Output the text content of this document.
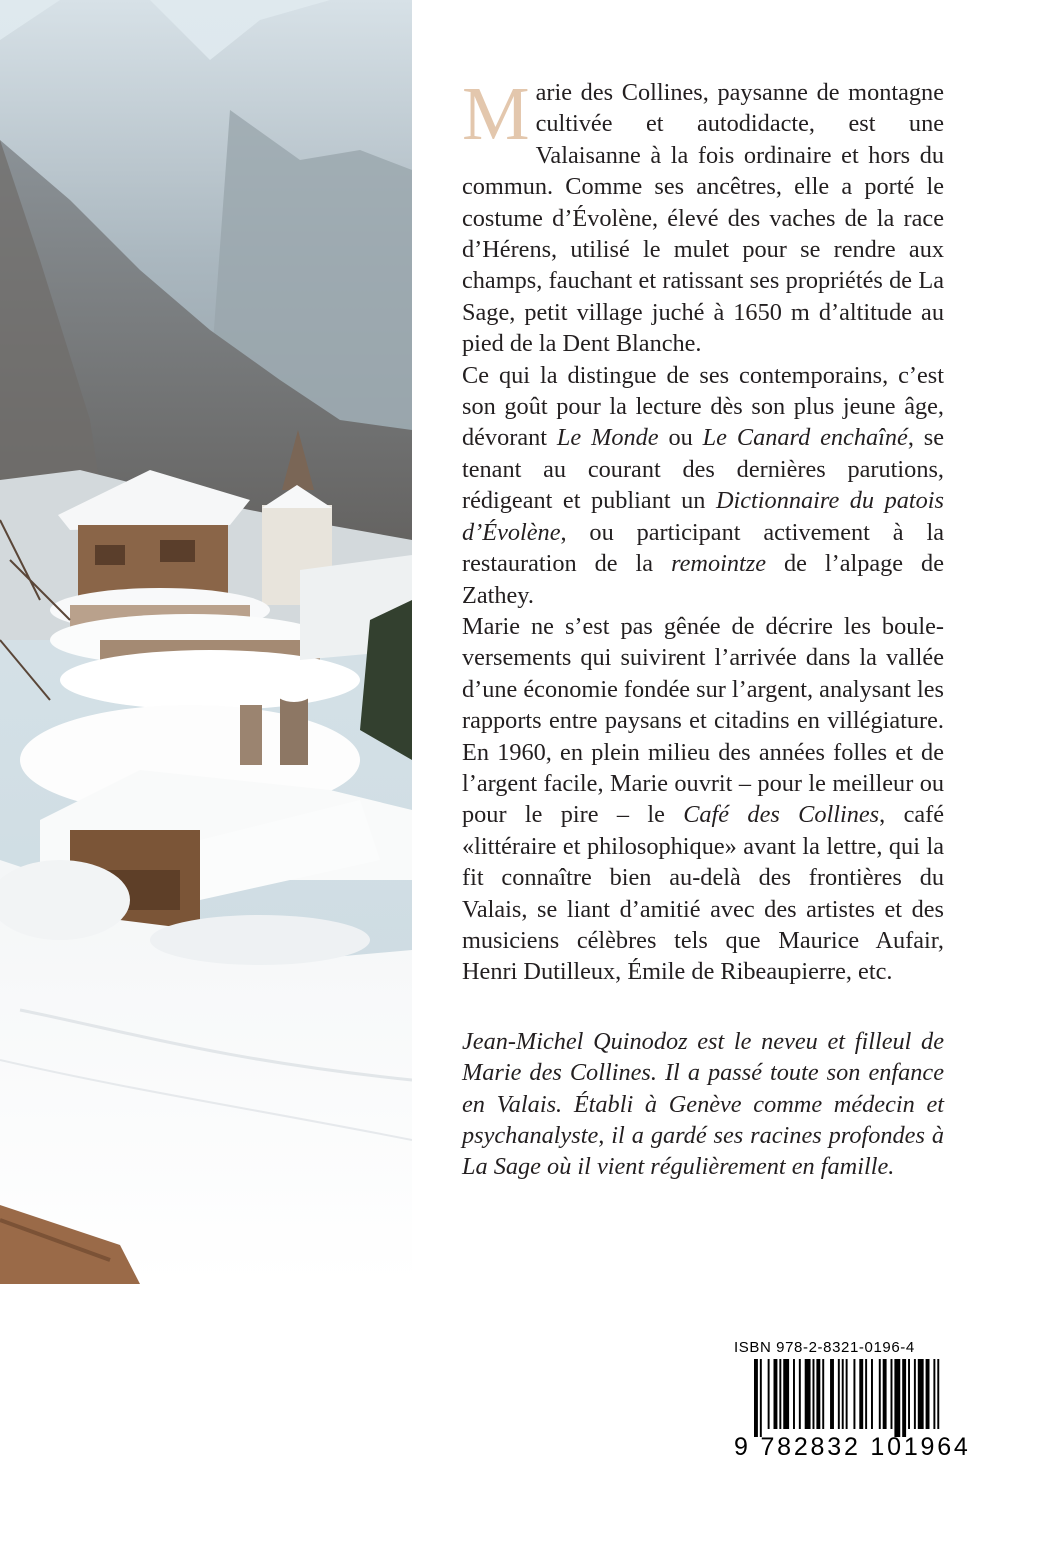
Marie des Collines, paysanne de montagne cultivée et autodidacte, est une Valaisanne à la fois ordinaire et hors du commun. Comme ses ancêtres, elle a porté le costume d’Évolène, élevé des vaches de la race d’Hérens, utilisé le mulet pour se rendre aux champs, fauchant et ratissant ses propriétés de La Sage, petit village juché à 1650 m d’altitude au pied de la Dent Blanche.

Ce qui la distingue de ses contemporains, c’est son goût pour la lecture dès son plus jeune âge, dévorant Le Monde ou Le Canard enchaîné, se tenant au courant des dernières parutions, rédigeant et publiant un Dictionnaire du patois d’Évolène, ou participant activement à la restauration de la remointze de l’alpage de Zathey.

Marie ne s’est pas gênée de décrire les bouleversements qui suivirent l’arrivée dans la vallée d’une économie fondée sur l’argent, analysant les rapports entre paysans et citadins en villégiature. En 1960, en plein milieu des années folles et de l’argent facile, Marie ouvrit – pour le meilleur ou pour le pire – le Café des Collines, café «littéraire et philosophique» avant la lettre, qui la fit connaître bien au-delà des frontières du Valais, se liant d’amitié avec des artistes et des musiciens célèbres tels que Maurice Aufair, Henri Dutilleux, Émile de Ribeaupierre, etc.

Jean-Michel Quinodoz est le neveu et filleul de Marie des Collines. Il a passé toute son enfance en Valais. Établi à Genève comme médecin et psychanalyste, il a gardé ses racines profondes à La Sage où il vient régulièrement en famille.

ISBN 978-2-8321-0196-4
9 782832 101964
